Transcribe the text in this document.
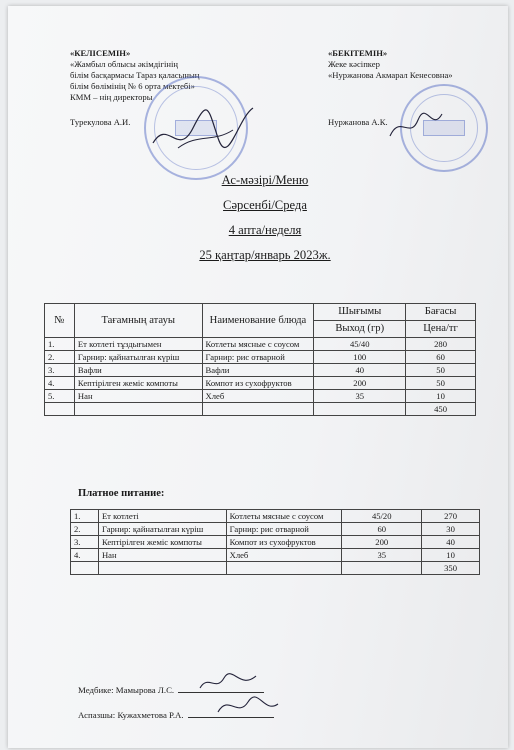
«КЕЛІСЕМІН»
«Жамбыл облысы әкімдігінің
білім басқармасы Тараз қаласының
білім бөлімінің № 6 орта мектебі»
КММ – нің директоры
Турекулова А.И.
«БЕКІТЕМІН»
Жеке кәсіпкер
«Нуржанова Акмарал Кенесовна»
Нуржанова А.К.
Ас-мәзірі/Меню
Сәрсенбі/Среда
4 апта/неделя
25 қаңтар/январь 2023ж.
№	Тағамның атауы	Наименование блюда	Шығымы	Бағасы
			Выход (гр)	Цена/тг
1.	Ет котлеті тұздығымен	Котлеты мясные с соусом	45/40	280
2.	Гарнир: қайнатылған күріш	Гарнир: рис отварной	100	60
3.	Вафли	Вафли	40	50
4.	Кептірілген жеміс компоты	Компот из сухофруктов	200	50
5.	Нан	Хлеб	35	10
				450
Платное питание:
1.	Ет котлеті	Котлеты мясные с соусом	45/20	270
2.	Гарнир: қайнатылған күріш	Гарнир: рис отварной	60	30
3.	Кептірілген жеміс компоты	Компот из сухофруктов	200	40
4.	Нан	Хлеб	35	10
				350
Медбике: Мамырова Л.С.
Аспазшы: Кужахметова Р.А.
